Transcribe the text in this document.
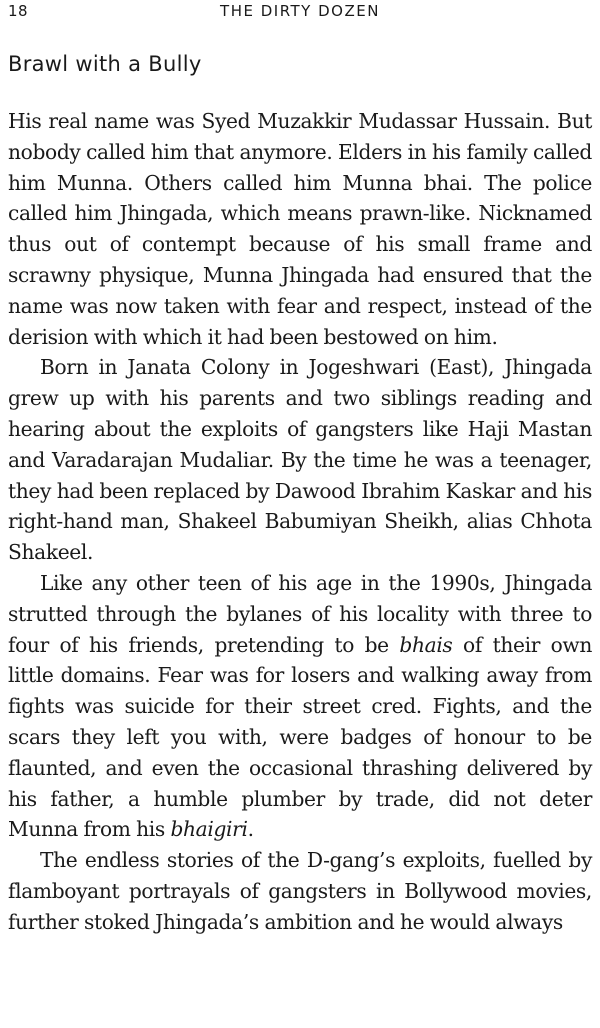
18	THE DIRTY DOZEN
Brawl with a Bully

His real name was Syed Muzakkir Mudassar Hussain. But nobody called him that anymore. Elders in his family called him Munna. Others called him Munna bhai. The police called him Jhingada, which means prawn-like. Nicknamed thus out of contempt because of his small frame and scrawny physique, Munna Jhingada had ensured that the name was now taken with fear and respect, instead of the derision with which it had been bestowed on him.

Born in Janata Colony in Jogeshwari (East), Jhingada grew up with his parents and two siblings reading and hearing about the exploits of gangsters like Haji Mastan and Varadarajan Mudaliar. By the time he was a teenager, they had been replaced by Dawood Ibrahim Kaskar and his right-hand man, Shakeel Babumiyan Sheikh, alias Chhota Shakeel.

Like any other teen of his age in the 1990s, Jhingada strutted through the bylanes of his locality with three to four of his friends, pretending to be bhais of their own little domains. Fear was for losers and walking away from fights was suicide for their street cred. Fights, and the scars they left you with, were badges of honour to be flaunted, and even the occasional thrashing delivered by his father, a humble plumber by trade, did not deter Munna from his bhaigiri.

The endless stories of the D-gang’s exploits, fuelled by flamboyant portrayals of gangsters in Bollywood movies, further stoked Jhingada’s ambition and he would always
